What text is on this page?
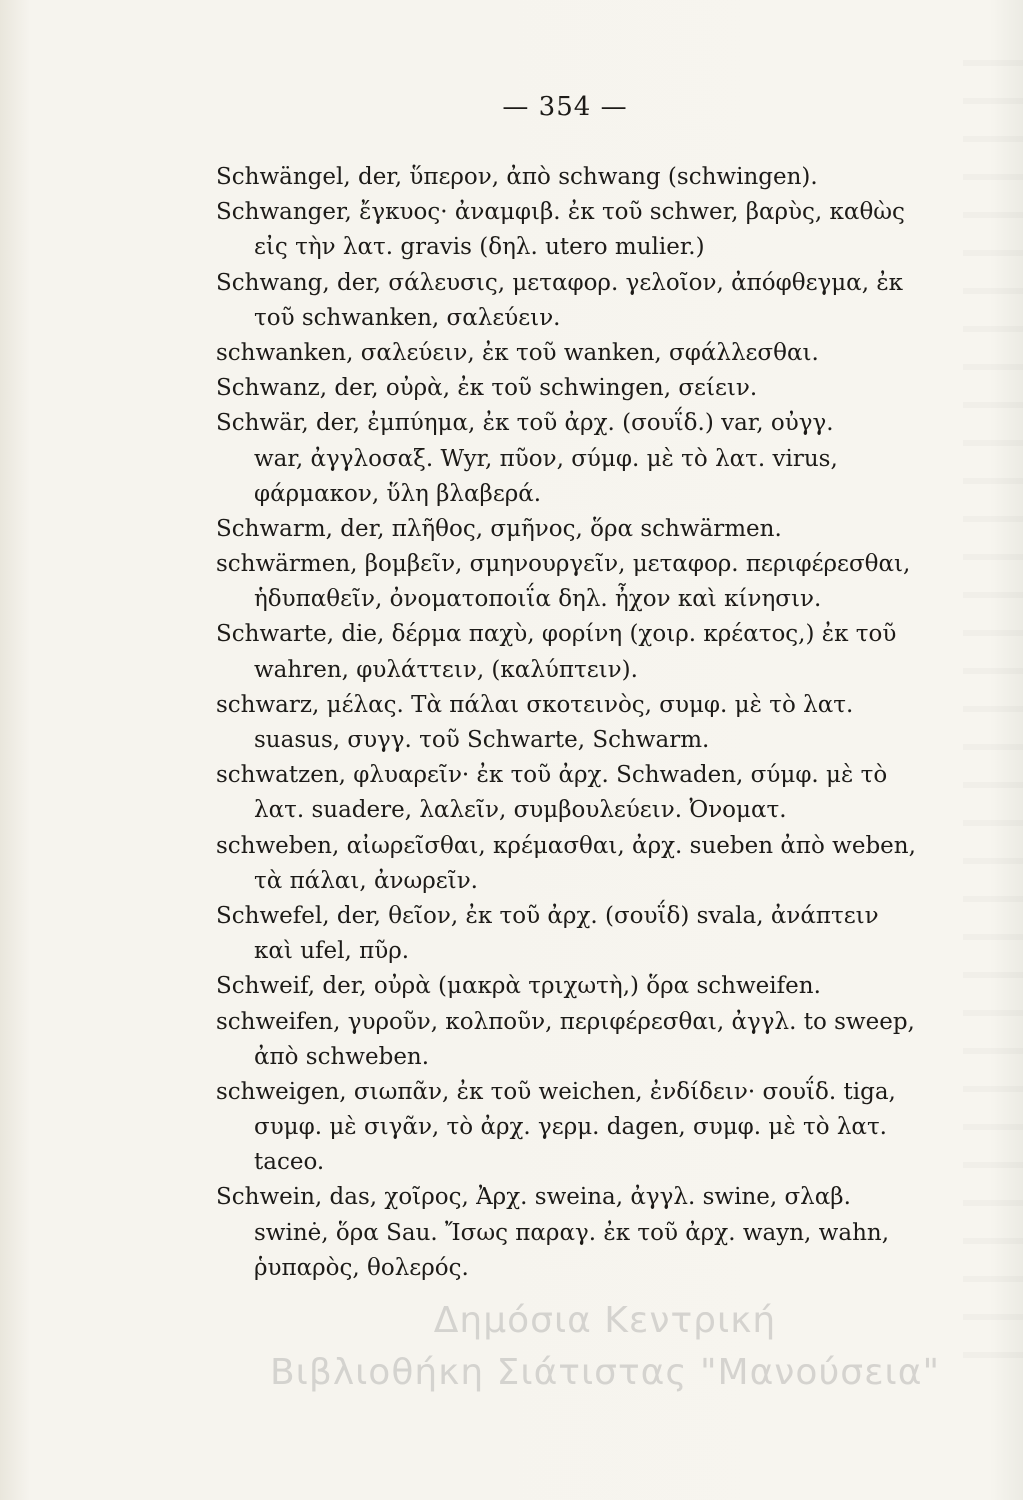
— 354 —
Schwängel, der, ὕπερον, ἀπὸ schwang (schwingen).
Schwanger, ἔγκυος· ἀναμφιβ. ἐκ τοῦ schwer, βαρὺς, καθὼς
εἰς τὴν λατ. gravis (δηλ. utero mulier.)
Schwang, der, σάλευσις, μεταφορ. γελοῖον, ἀπόφθεγμα, ἐκ
τοῦ schwanken, σαλεύειν.
schwanken, σαλεύειν, ἐκ τοῦ wanken, σφάλλεσθαι.
Schwanz, der, οὐρὰ, ἐκ τοῦ schwingen, σείειν.
Schwär, der, ἐμπύημα, ἐκ τοῦ ἀρχ. (σουΐδ.) var, οὐγγ.
war, ἀγγλοσαξ. Wyr, πῦον, σύμφ. μὲ τὸ λατ. virus,
φάρμακον, ὕλη βλαβερά.
Schwarm, der, πλῆθος, σμῆνος, ὅρα schwärmen.
schwärmen, βομβεῖν, σμηνουργεῖν, μεταφορ. περιφέρεσθαι,
ἡδυπαθεῖν, ὀνοματοποιΐα δηλ. ἦχον καὶ κίνησιν.
Schwarte, die, δέρμα παχὺ, φορίνη (χοιρ. κρέατος,) ἐκ τοῦ
wahren, φυλάττειν, (καλύπτειν).
schwarz, μέλας. Τὰ πάλαι σκοτεινὸς, συμφ. μὲ τὸ λατ.
suasus, συγγ. τοῦ Schwarte, Schwarm.
schwatzen, φλυαρεῖν· ἐκ τοῦ ἀρχ. Schwaden, σύμφ. μὲ τὸ
λατ. suadere, λαλεῖν, συμβουλεύειν. Ὀνοματ.
schweben, αἰωρεῖσθαι, κρέμασθαι, ἀρχ. sueben ἀπὸ weben,
τὰ πάλαι, ἀνωρεῖν.
Schwefel, der, θεῖον, ἐκ τοῦ ἀρχ. (σουΐδ) svala, ἀνάπτειν
καὶ ufel, πῦρ.
Schweif, der, οὐρὰ (μακρὰ τριχωτὴ,) ὅρα schweifen.
schweifen, γυροῦν, κολποῦν, περιφέρεσθαι, ἀγγλ. to sweep,
ἀπὸ schweben.
schweigen, σιωπᾶν, ἐκ τοῦ weichen, ἐνδίδειν· σουΐδ. tiga,
συμφ. μὲ σιγᾶν, τὸ ἀρχ. γερμ. dagen, συμφ. μὲ τὸ λατ.
taceo.
Schwein, das, χοῖρος, Ἀρχ. sweina, ἀγγλ. swine, σλαβ.
swinė, ὅρα Sau. Ἴσως παραγ. ἐκ τοῦ ἀρχ. wayn, wahn,
ῥυπαρὸς, θολερός.
Δημόσια Κεντρική
Βιβλιοθήκη Σιάτιστας "Μανούσεια"
